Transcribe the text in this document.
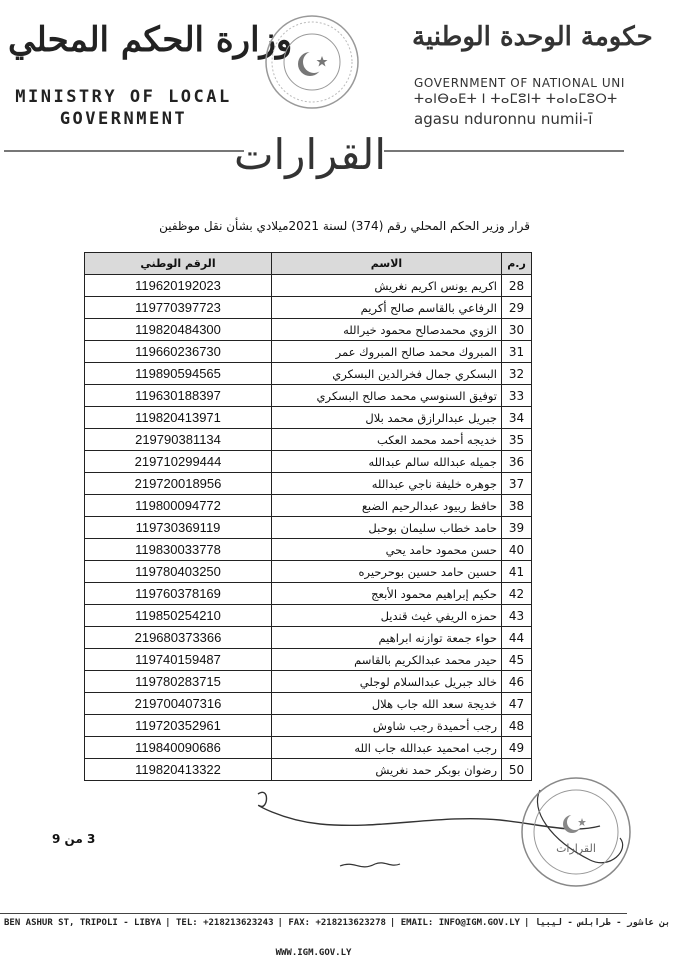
وزارة الحكم المحلي
MINISTRY OF LOCAL
GOVERNMENT
حكومة الوحدة الوطنية
GOVERNMENT OF NATIONAL UNI
ⵜⴰⵏⴱⴰⴹⵜ ⵏ ⵜⴰⵎⵓⵏⵜ ⵜⴰⵏⴰⵎⵓⵔⵜ
agasu nduronnu numii-ī
القرارات
قرار وزير الحكم المحلي رقم (374) لسنة 2021ميلادي بشأن نقل موظفين
ر.م	الاسم	الرقم الوطني
28	اكريم يونس اكريم نغريش	119620192023
29	الرفاعي بالقاسم صالح أكريم	119770397723
30	الزوي محمدصالح محمود خيرالله	119820484300
31	المبروك محمد صالح المبروك عمر	119660236730
32	البسكري جمال فخرالدين البسكري	119890594565
33	توفيق السنوسي محمد صالح البسكري	119630188397
34	جبريل عبدالرازق محمد بلال	119820413971
35	خديجه أحمد محمد العكب	219790381134
36	جميله عبدالله سالم عبدالله	219710299444
37	جوهره خليفة ناجي عبدالله	219720018956
38	حافظ ربيود عبدالرحيم الضبع	119800094772
39	حامد خطاب سليمان بوحبل	119730369119
40	حسن محمود حامد يحي	119830033778
41	حسين حامد حسين بوحرحيره	119780403250
42	حكيم إبراهيم محمود الأبعج	119760378169
43	حمزه الريفي غيث قنديل	119850254210
44	حواء جمعة توازنه ابراهيم	219680373366
45	حيدر محمد عبدالكريم بالقاسم	119740159487
46	خالد جبريل عبدالسلام لوجلي	119780283715
47	خديجة سعد الله جاب هلال	219700407316
48	رجب أحميدة رجب شاوش	119720352961
49	رجب امحميد عبدالله جاب الله	119840090686
50	رضوان بوبكر حمد نغريش	119820413322
3 من 9
القرارات
BEN ASHUR ST, TRIPOLI - LIBYA | TEL: +218213623243 | FAX: +218213623278 | EMAIL: INFO@IGM.GOV.LY | بن عاشور - طرابلس - ليبيا
WWW.IGM.GOV.LY
